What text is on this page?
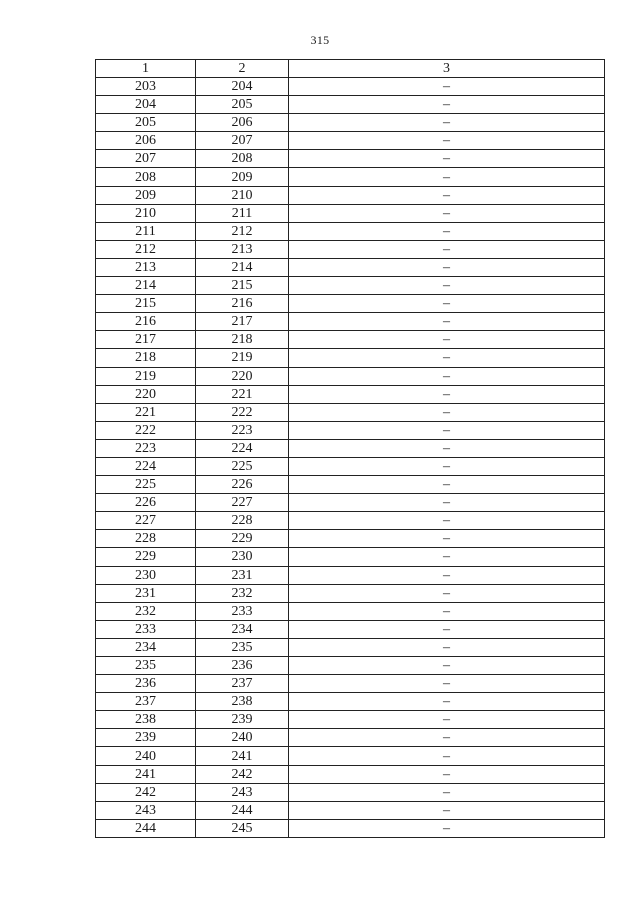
315
1	2	3
203	204	–
204	205	–
205	206	–
206	207	–
207	208	–
208	209	–
209	210	–
210	211	–
211	212	–
212	213	–
213	214	–
214	215	–
215	216	–
216	217	–
217	218	–
218	219	–
219	220	–
220	221	–
221	222	–
222	223	–
223	224	–
224	225	–
225	226	–
226	227	–
227	228	–
228	229	–
229	230	–
230	231	–
231	232	–
232	233	–
233	234	–
234	235	–
235	236	–
236	237	–
237	238	–
238	239	–
239	240	–
240	241	–
241	242	–
242	243	–
243	244	–
244	245	–
